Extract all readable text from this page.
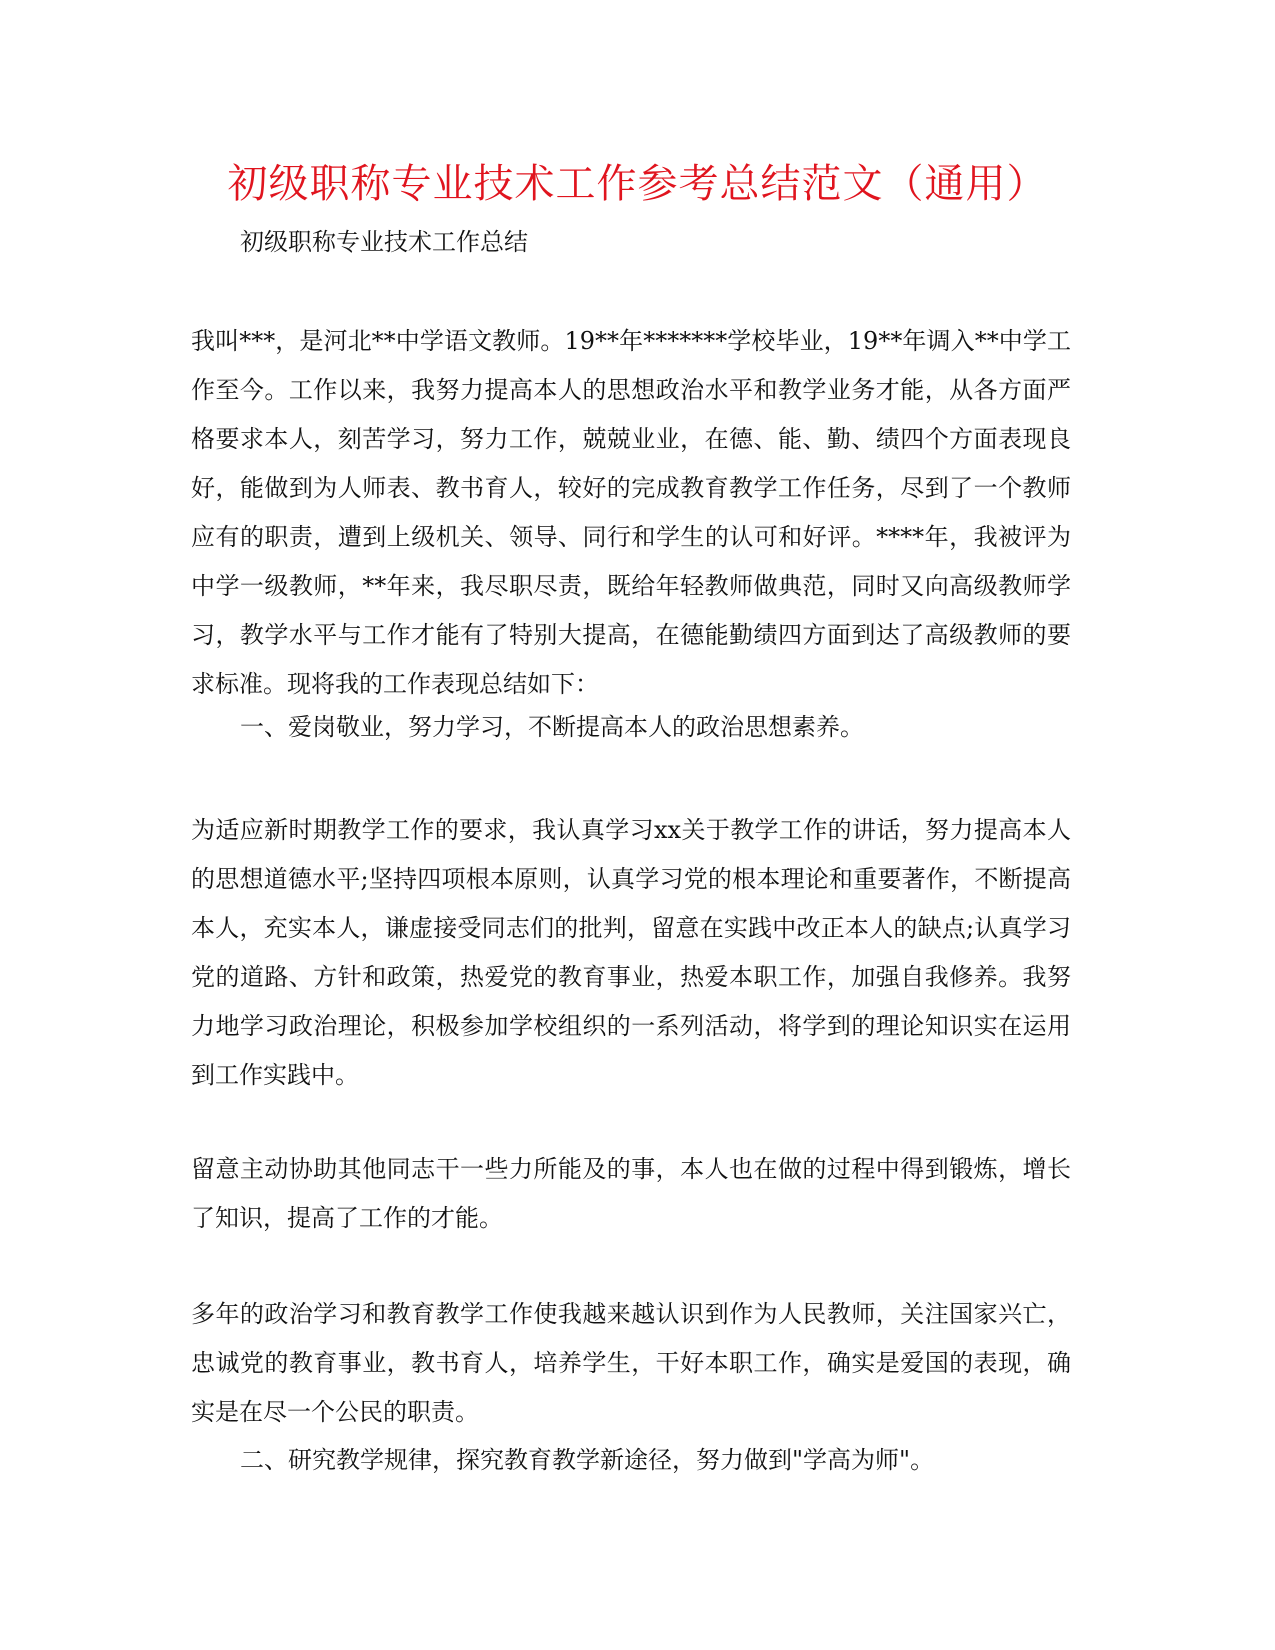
初级职称专业技术工作参考总结范文（通用）
初级职称专业技术工作总结
我叫***，是河北**中学语文教师。19**年*******学校毕业，19**年调入**中学工作至今。工作以来，我努力提高本人的思想政治水平和教学业务才能，从各方面严格要求本人，刻苦学习，努力工作，兢兢业业，在德、能、勤、绩四个方面表现良好，能做到为人师表、教书育人，较好的完成教育教学工作任务，尽到了一个教师应有的职责，遭到上级机关、领导、同行和学生的认可和好评。****年，我被评为中学一级教师，**年来，我尽职尽责，既给年轻教师做典范，同时又向高级教师学习，教学水平与工作才能有了特别大提高，在德能勤绩四方面到达了高级教师的要求标准。现将我的工作表现总结如下：
一、爱岗敬业，努力学习，不断提高本人的政治思想素养。
为适应新时期教学工作的要求，我认真学习xx关于教学工作的讲话，努力提高本人的思想道德水平;坚持四项根本原则，认真学习党的根本理论和重要著作，不断提高本人，充实本人，谦虚接受同志们的批判，留意在实践中改正本人的缺点;认真学习党的道路、方针和政策，热爱党的教育事业，热爱本职工作，加强自我修养。我努力地学习政治理论，积极参加学校组织的一系列活动，将学到的理论知识实在运用到工作实践中。
留意主动协助其他同志干一些力所能及的事，本人也在做的过程中得到锻炼，增长了知识，提高了工作的才能。
多年的政治学习和教育教学工作使我越来越认识到作为人民教师，关注国家兴亡，忠诚党的教育事业，教书育人，培养学生，干好本职工作，确实是爱国的表现，确实是在尽一个公民的职责。
二、研究教学规律，探究教育教学新途径，努力做到"学高为师"。
